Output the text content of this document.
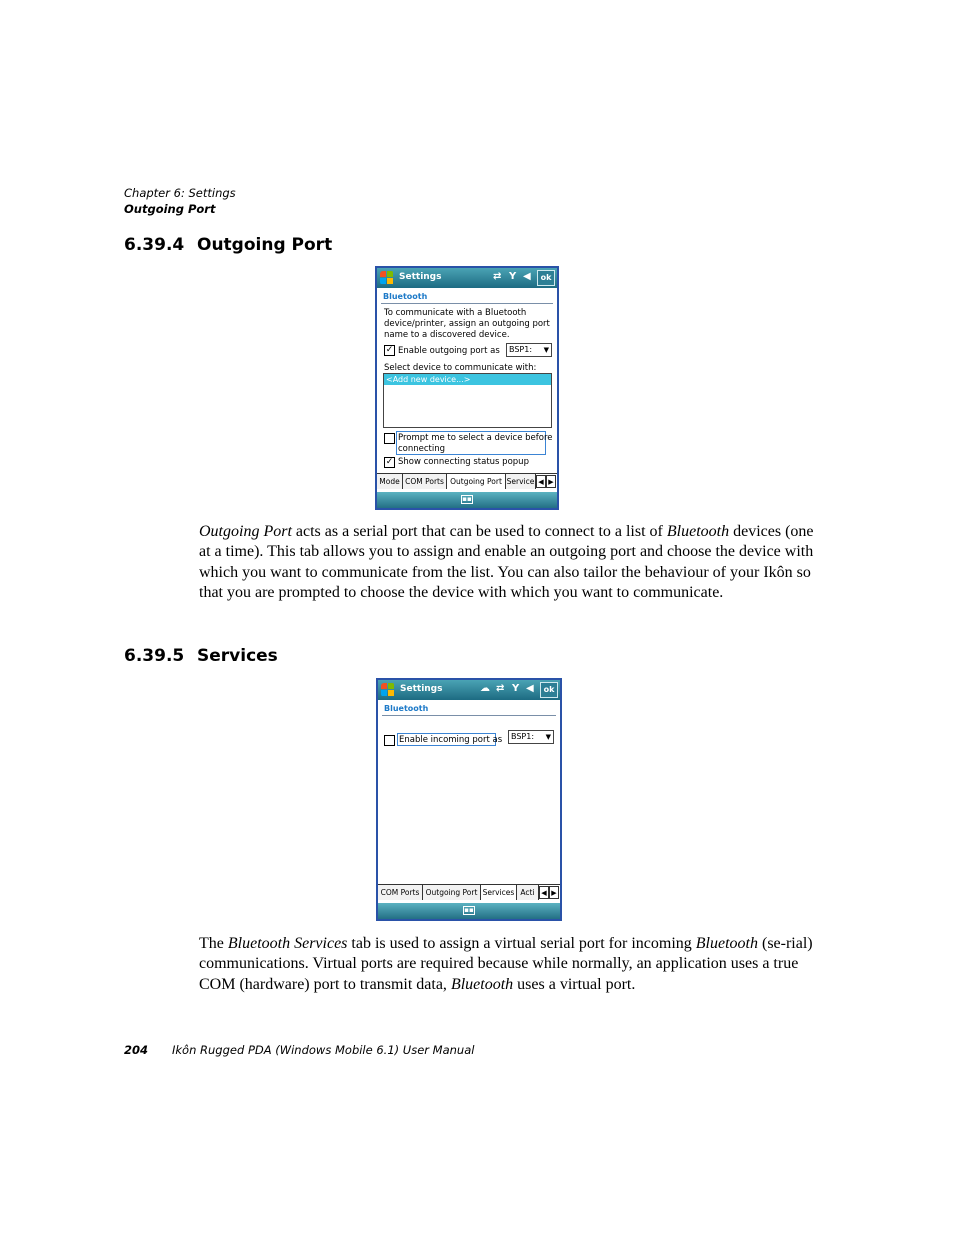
Chapter 6: Settings
Outgoing Port
6.39.4 Outgoing Port
Settings	⇄ Y ◀	ok
Bluetooth
To communicate with a Bluetooth
device/printer, assign an outgoing port
name to a discovered device.
✓ Enable outgoing port as	BSP1: ▼
Select device to communicate with:
<Add new device...>
Prompt me to select a device before
connecting
✓ Show connecting status popup
Mode COM Ports Outgoing Port Service ◀ ▶
▪▪

Outgoing Port acts as a serial port that can be used to connect to a list of Bluetooth devices (one at a time). This tab allows you to assign and enable an outgoing port and choose the device with which you want to communicate from the list. You can also tailor the behaviour of your Ikôn so that you are prompted to choose the device with which you want to communicate.

6.39.5 Services
Settings	☁ ⇄ Y ◀	ok
Bluetooth
Enable incoming port as	BSP1: ▼
COM Ports Outgoing Port Services Acti ◀ ▶
▪▪

The Bluetooth Services tab is used to assign a virtual serial port for incoming Bluetooth (se-rial) communications. Virtual ports are required because while normally, an application uses a true COM (hardware) port to transmit data, Bluetooth uses a virtual port.

204 Ikôn Rugged PDA (Windows Mobile 6.1) User Manual
